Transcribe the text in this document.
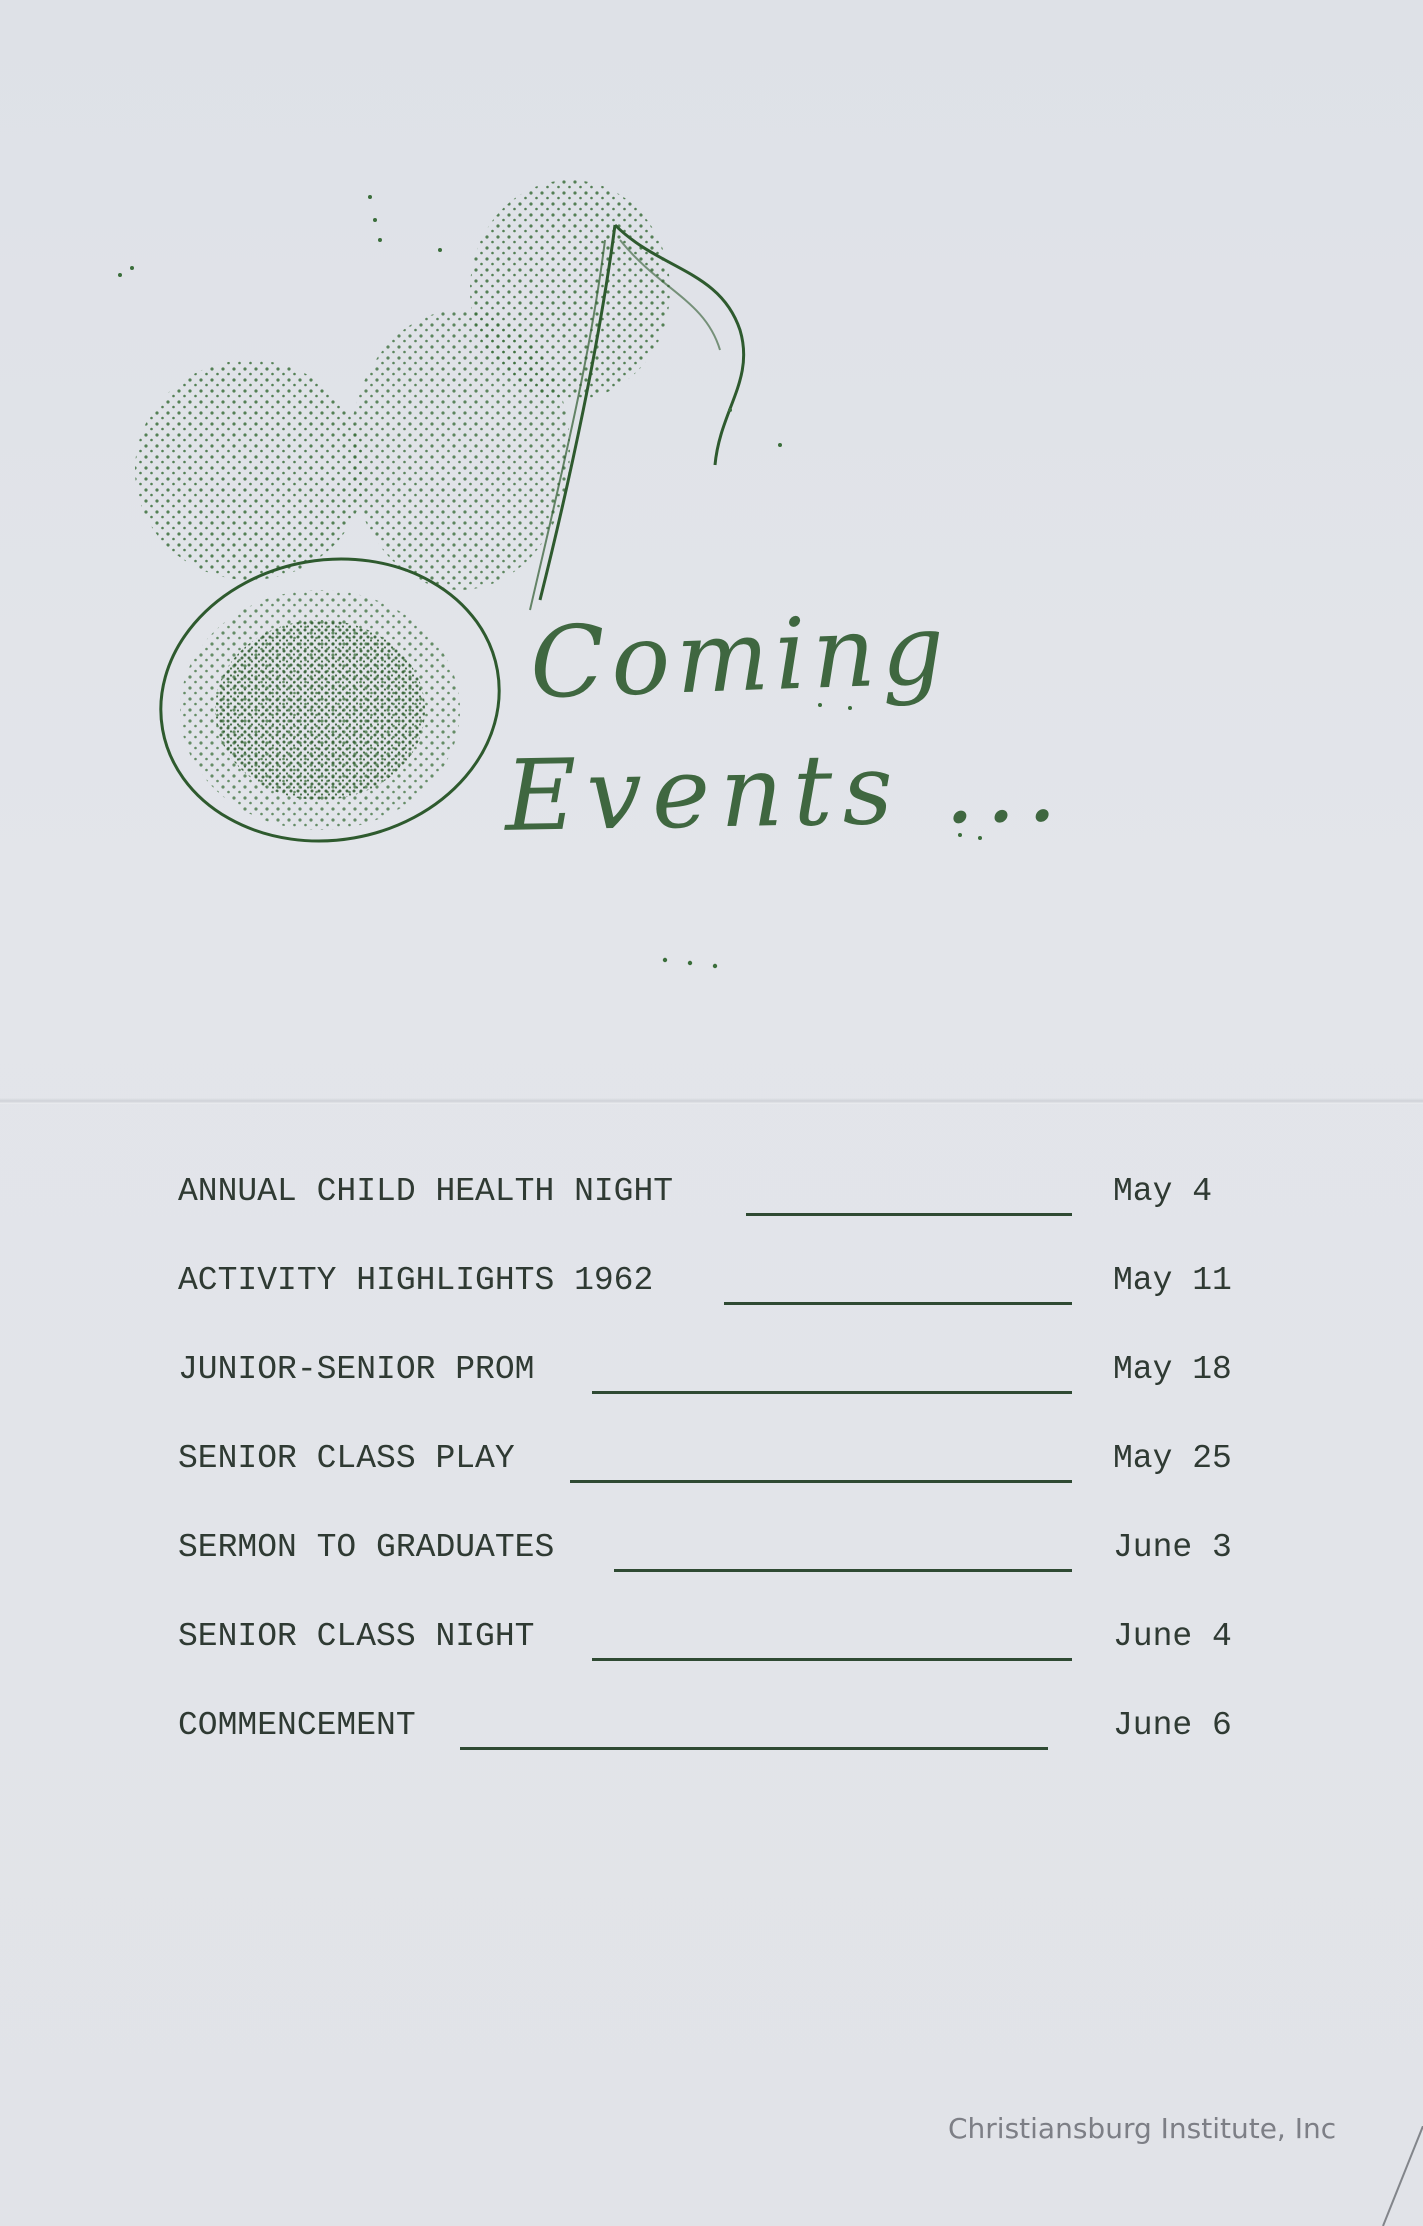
Coming
Events ...
ANNUAL CHILD HEALTH NIGHT	May 4
ACTIVITY HIGHLIGHTS 1962	May 11
JUNIOR-SENIOR PROM	May 18
SENIOR CLASS PLAY	May 25
SERMON TO GRADUATES	June 3
SENIOR CLASS NIGHT	June 4
COMMENCEMENT	June 6
Christiansburg Institute, Inc
